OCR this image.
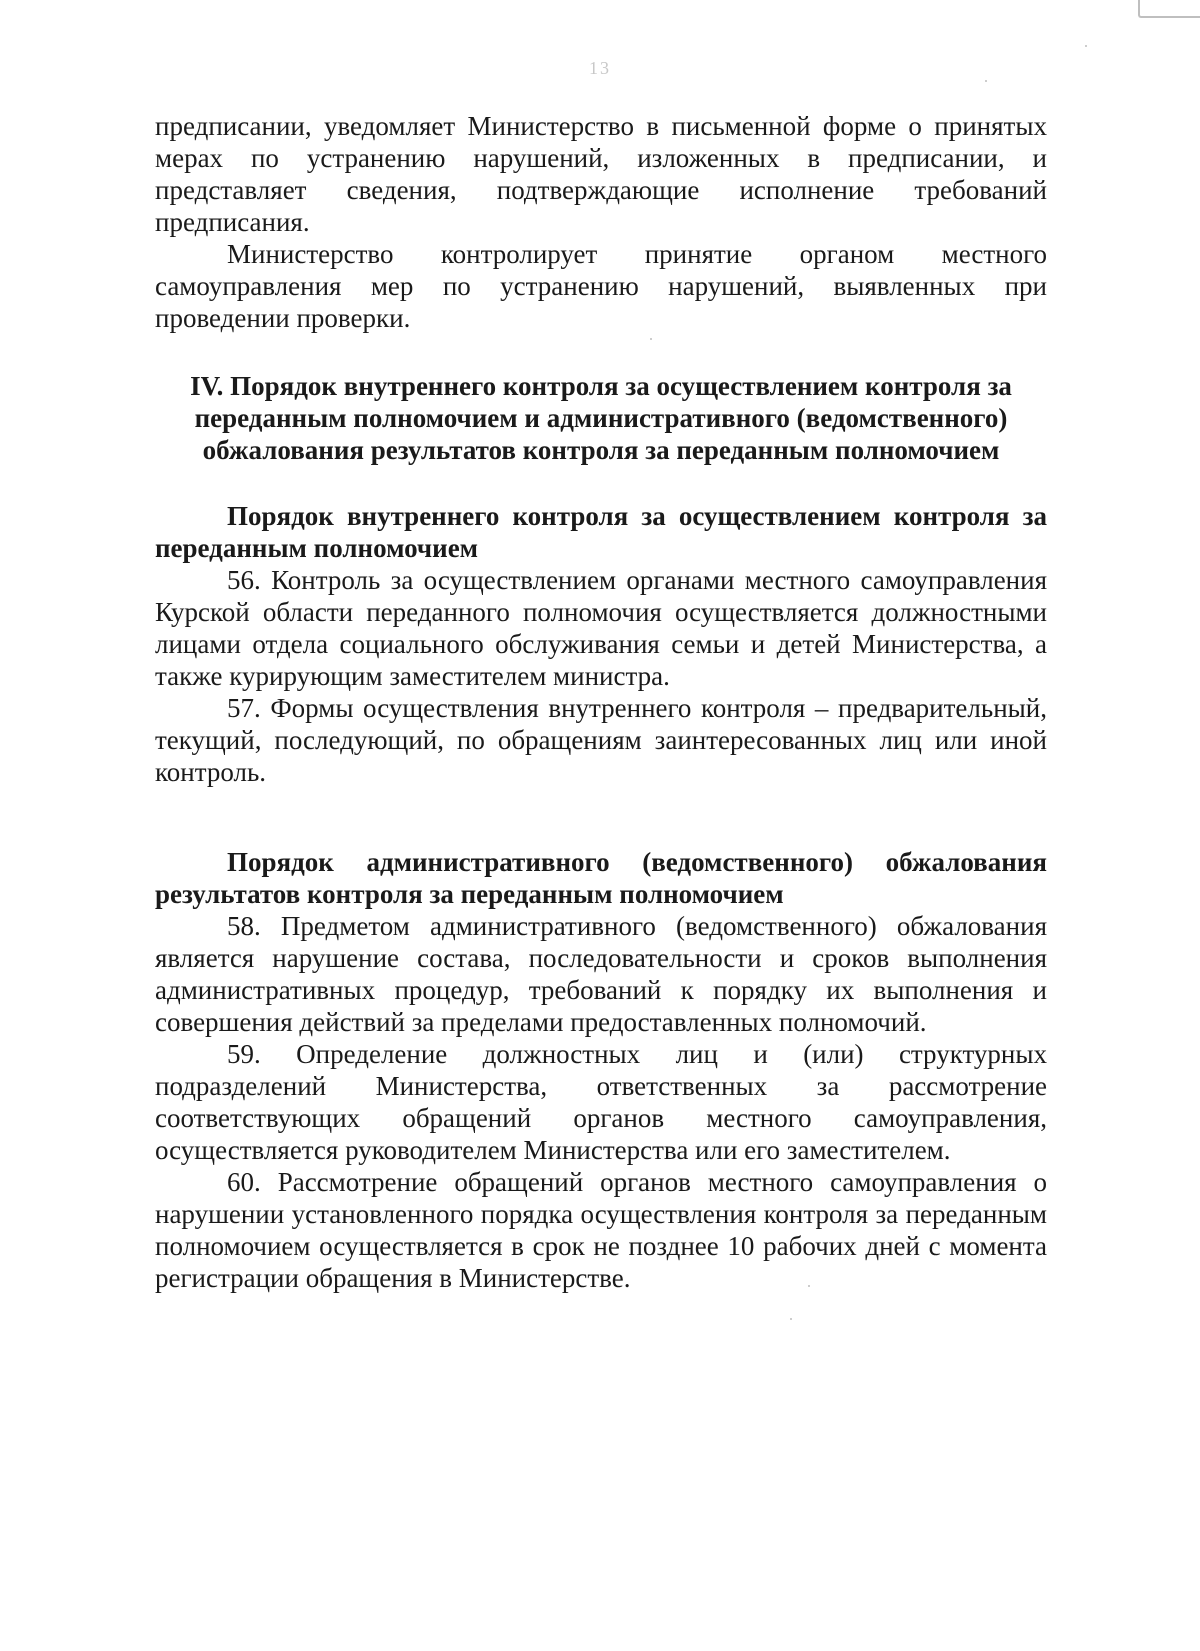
13

предписании, уведомляет Министерство в письменной форме о принятых мерах по устранению нарушений, изложенных в предписании, и представляет сведения, подтверждающие исполнение требований предписания.

Министерство контролирует принятие органом местного самоуправления мер по устранению нарушений, выявленных при проведении проверки.

IV. Порядок внутреннего контроля за осуществлением контроля за переданным полномочием и административного (ведомственного) обжалования результатов контроля за переданным полномочием

Порядок внутреннего контроля за осуществлением контроля за переданным полномочием

56. Контроль за осуществлением органами местного самоуправления Курской области переданного полномочия осуществляется должностными лицами отдела социального обслуживания семьи и детей Министерства, а также курирующим заместителем министра.

57. Формы осуществления внутреннего контроля – предварительный, текущий, последующий, по обращениям заинтересованных лиц или иной контроль.

Порядок административного (ведомственного) обжалования результатов контроля за переданным полномочием

58. Предметом административного (ведомственного) обжалования является нарушение состава, последовательности и сроков выполнения административных процедур, требований к порядку их выполнения и совершения действий за пределами предоставленных полномочий.

59. Определение должностных лиц и (или) структурных подразделений Министерства, ответственных за рассмотрение соответствующих обращений органов местного самоуправления, осуществляется руководителем Министерства или его заместителем.

60. Рассмотрение обращений органов местного самоуправления о нарушении установленного порядка осуществления контроля за переданным полномочием осуществляется в срок не позднее 10 рабочих дней с момента регистрации обращения в Министерстве.
